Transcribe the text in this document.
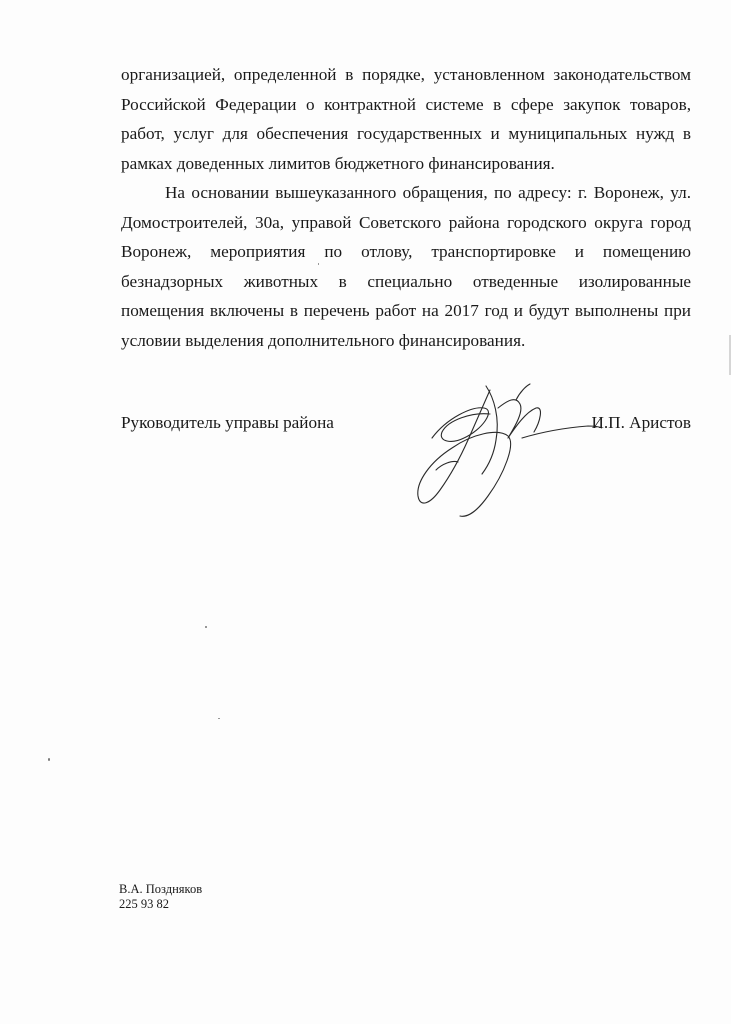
организацией, определенной в порядке, установленном законодательством Российской Федерации о контрактной системе в сфере закупок товаров, работ, услуг для обеспечения государственных и муниципальных нужд в рамках доведенных лимитов бюджетного финансирования.

На основании вышеуказанного обращения, по адресу: г. Воронеж, ул. Домостроителей, 30а, управой Советского района городского округа город Воронеж, мероприятия по отлову, транспортировке и помещению безнадзорных животных в специально отведенные изолированные помещения включены в перечень работ на 2017 год и будут выполнены при условии выделения дополнительного финансирования.

Руководитель управы района	И.П. Аристов
В.А. Поздняков
225 93 82
